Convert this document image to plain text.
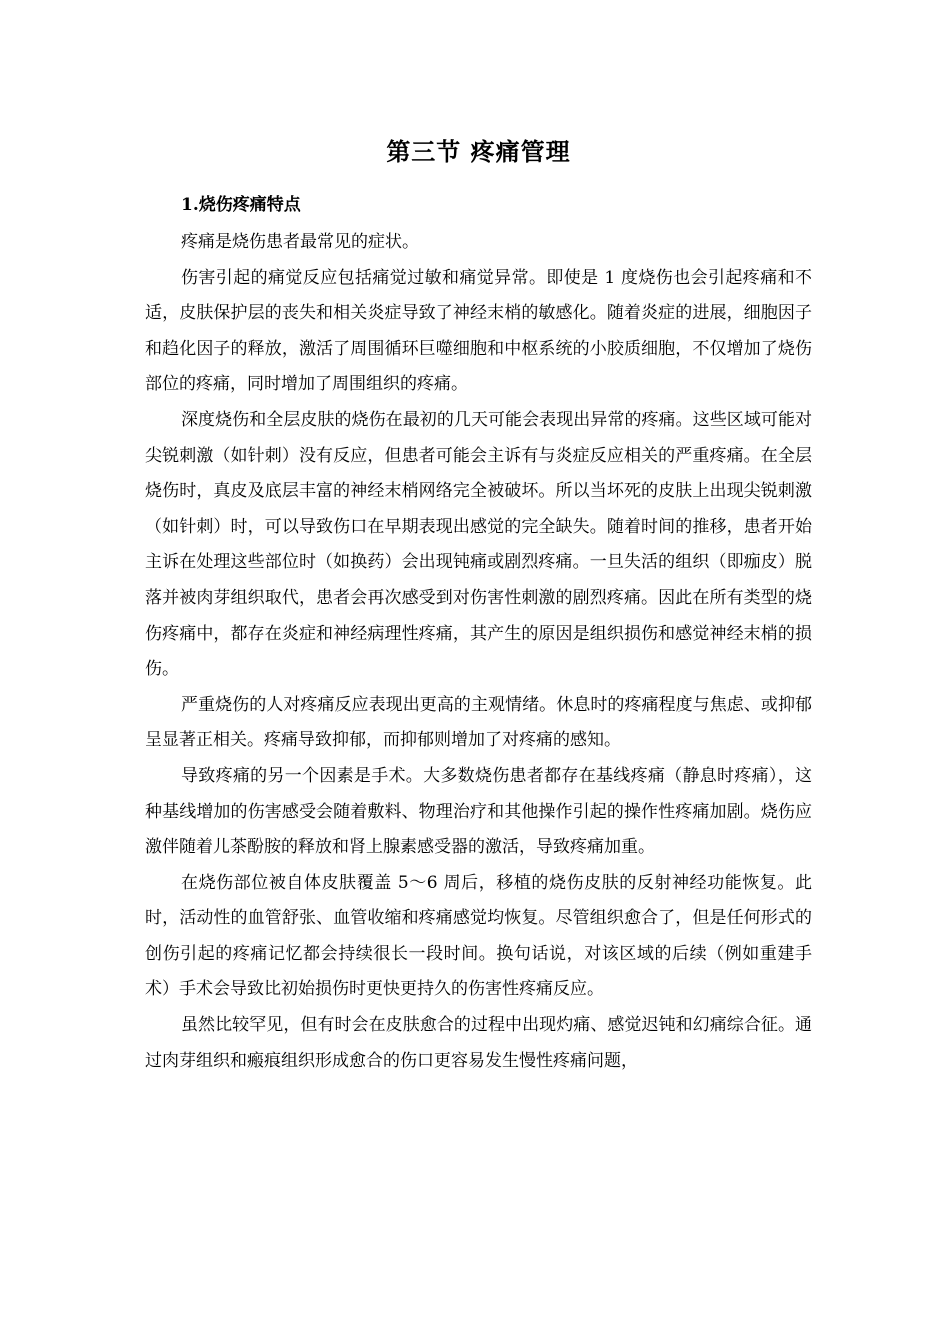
第三节 疼痛管理
1.烧伤疼痛特点

疼痛是烧伤患者最常见的症状。

伤害引起的痛觉反应包括痛觉过敏和痛觉异常。即使是 1 度烧伤也会引起疼痛和不适，皮肤保护层的丧失和相关炎症导致了神经末梢的敏感化。随着炎症的进展，细胞因子和趋化因子的释放，激活了周围循环巨噬细胞和中枢系统的小胶质细胞，不仅增加了烧伤部位的疼痛，同时增加了周围组织的疼痛。

深度烧伤和全层皮肤的烧伤在最初的几天可能会表现出异常的疼痛。这些区域可能对尖锐刺激（如针刺）没有反应，但患者可能会主诉有与炎症反应相关的严重疼痛。在全层烧伤时，真皮及底层丰富的神经末梢网络完全被破坏。所以当坏死的皮肤上出现尖锐刺激（如针刺）时，可以导致伤口在早期表现出感觉的完全缺失。随着时间的推移，患者开始主诉在处理这些部位时（如换药）会出现钝痛或剧烈疼痛。一旦失活的组织（即痂皮）脱落并被肉芽组织取代，患者会再次感受到对伤害性刺激的剧烈疼痛。因此在所有类型的烧伤疼痛中，都存在炎症和神经病理性疼痛，其产生的原因是组织损伤和感觉神经末梢的损伤。

严重烧伤的人对疼痛反应表现出更高的主观情绪。休息时的疼痛程度与焦虑、或抑郁呈显著正相关。疼痛导致抑郁，而抑郁则增加了对疼痛的感知。

导致疼痛的另一个因素是手术。大多数烧伤患者都存在基线疼痛（静息时疼痛），这种基线增加的伤害感受会随着敷料、物理治疗和其他操作引起的操作性疼痛加剧。烧伤应激伴随着儿茶酚胺的释放和肾上腺素感受器的激活，导致疼痛加重。

在烧伤部位被自体皮肤覆盖 5～6 周后，移植的烧伤皮肤的反射神经功能恢复。此时，活动性的血管舒张、血管收缩和疼痛感觉均恢复。尽管组织愈合了，但是任何形式的创伤引起的疼痛记忆都会持续很长一段时间。换句话说，对该区域的后续（例如重建手术）手术会导致比初始损伤时更快更持久的伤害性疼痛反应。

虽然比较罕见，但有时会在皮肤愈合的过程中出现灼痛、感觉迟钝和幻痛综合征。通过肉芽组织和瘢痕组织形成愈合的伤口更容易发生慢性疼痛问题，
